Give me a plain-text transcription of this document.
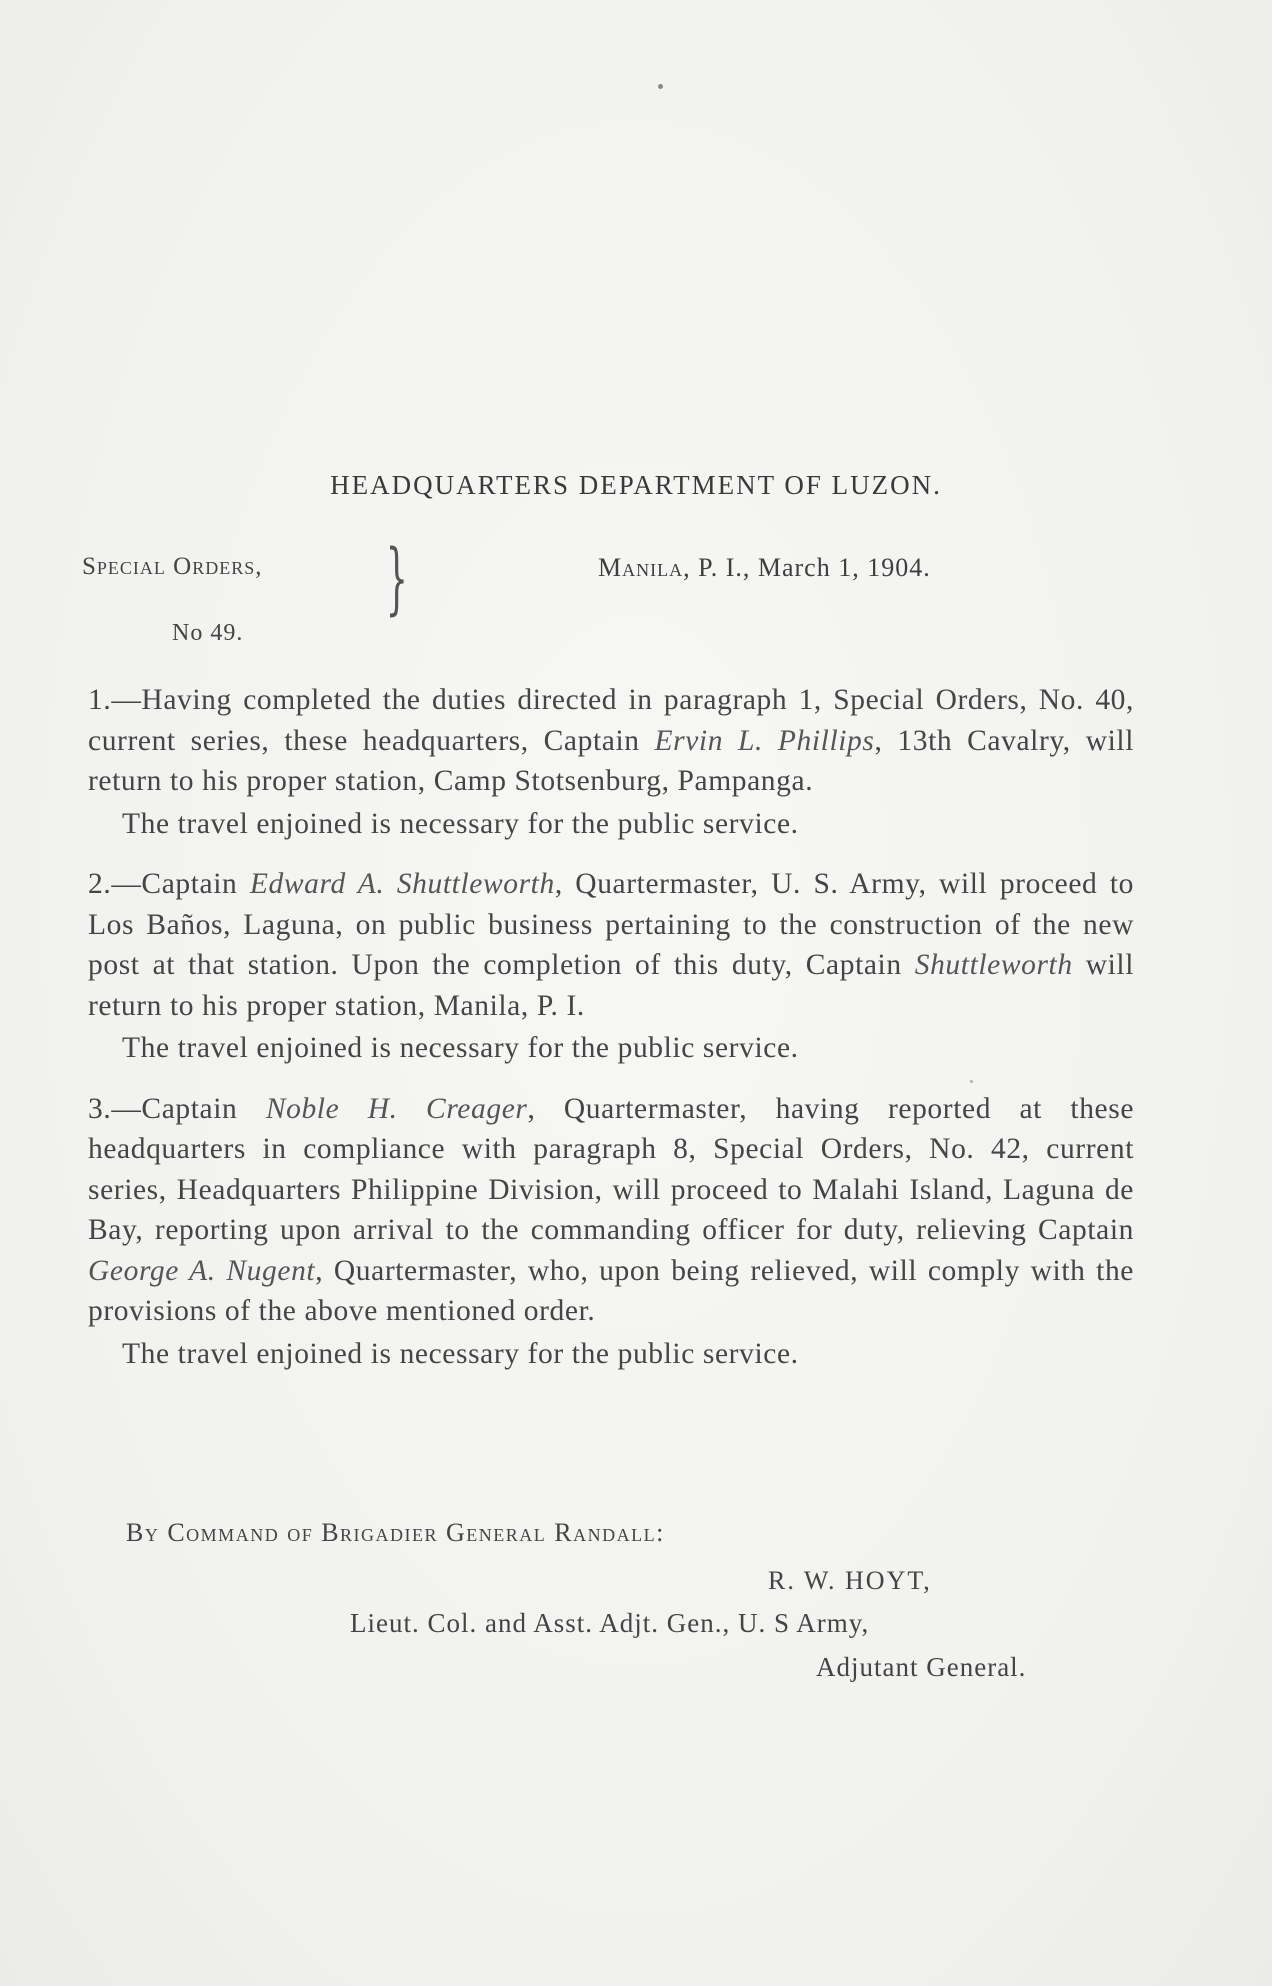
HEADQUARTERS DEPARTMENT OF LUZON.
Special Orders,
No 49.
}	Manila, P. I., March 1, 1904.

1.—Having completed the duties directed in paragraph 1, Special Orders, No. 40, current series, these headquarters, Captain Ervin L. Phillips, 13th Cavalry, will return to his proper station, Camp Stotsenburg, Pampanga.

The travel enjoined is necessary for the public service.

2.—Captain Edward A. Shuttleworth, Quartermaster, U. S. Army, will proceed to Los Baños, Laguna, on public business pertaining to the construction of the new post at that station. Upon the completion of this duty, Captain Shuttleworth will return to his proper station, Manila, P. I.

The travel enjoined is necessary for the public service.

3.—Captain Noble H. Creager, Quartermaster, having reported at these headquarters in compliance with paragraph 8, Special Orders, No. 42, current series, Headquarters Philippine Division, will proceed to Malahi Island, Laguna de Bay, reporting upon arrival to the commanding officer for duty, relieving Captain George A. Nugent, Quartermaster, who, upon being relieved, will comply with the provisions of the above mentioned order.

The travel enjoined is necessary for the public service.

By Command of Brigadier General Randall:
R. W. HOYT,
Lieut. Col. and Asst. Adjt. Gen., U. S Army,
Adjutant General.
